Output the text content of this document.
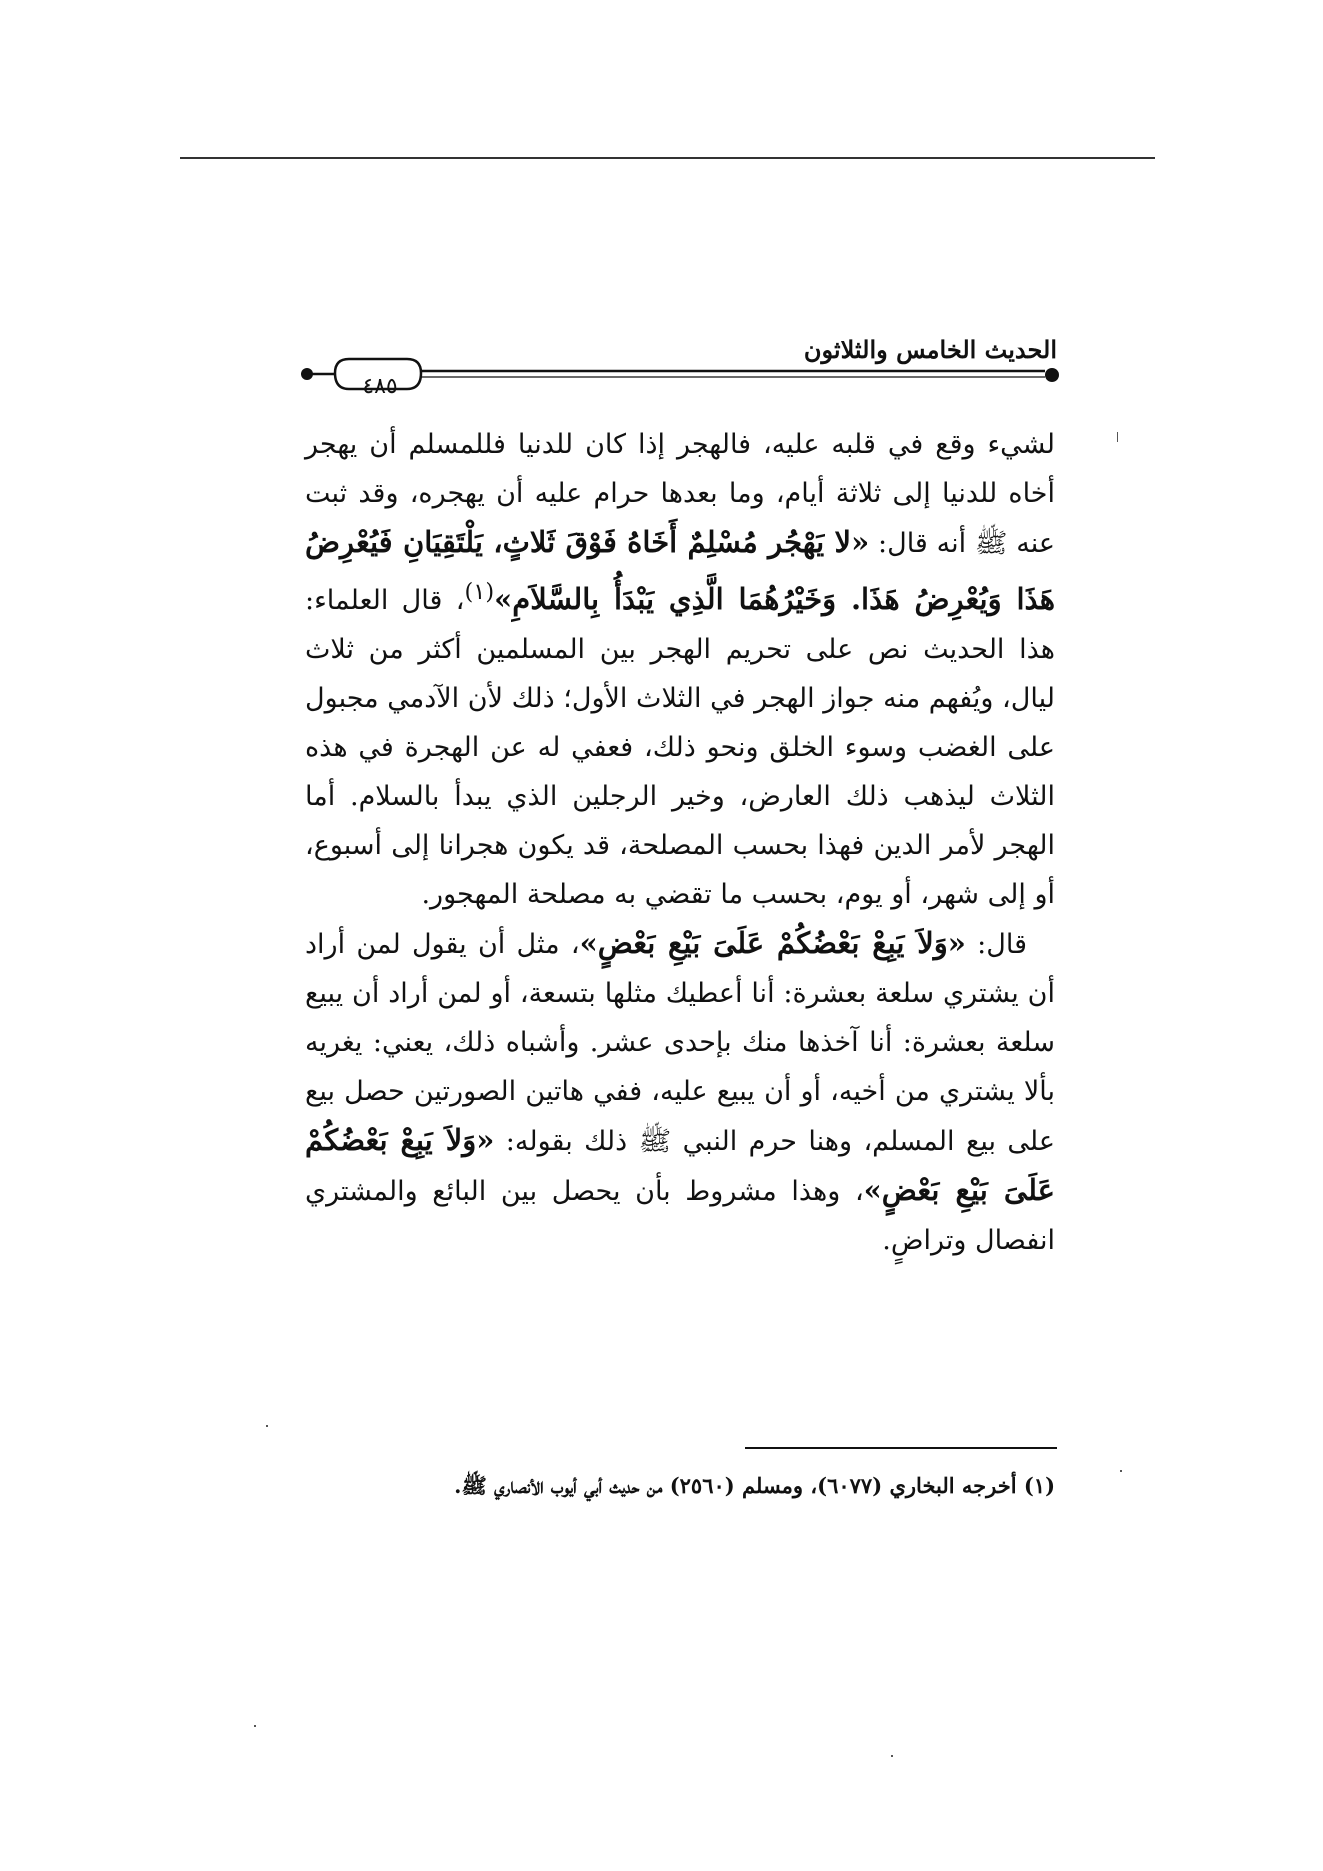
الحديث الخامس والثلاثون
٤٨٥

لشيء وقع في قلبه عليه، فالهجر إذا كان للدنيا فللمسلم أن يهجر أخاه للدنيا إلى ثلاثة أيام، وما بعدها حرام عليه أن يهجره، وقد ثبت عنه ﷺ أنه قال: «لا يَهْجُر مُسْلِمٌ أَخَاهُ فَوْقَ ثَلاثٍ، يَلْتَقِيَانِ فَيُعْرِضُ هَذَا وَيُعْرِضُ هَذَا. وَخَيْرُهُمَا الَّذِي يَبْدَأُ بِالسَّلاَمِ»$^{(١)}$، قال العلماء: هذا الحديث نص على تحريم الهجر بين المسلمين أكثر من ثلاث ليال، ويُفهم منه جواز الهجر في الثلاث الأول؛ ذلك لأن الآدمي مجبول على الغضب وسوء الخلق ونحو ذلك، فعفي له عن الهجرة في هذه الثلاث ليذهب ذلك العارض، وخير الرجلين الذي يبدأ بالسلام. أما الهجر لأمر الدين فهذا بحسب المصلحة، قد يكون هجرانا إلى أسبوع، أو إلى شهر، أو يوم، بحسب ما تقضي به مصلحة المهجور.

قال: «وَلاَ يَبِعْ بَعْضُكُمْ عَلَىَ بَيْعِ بَعْضٍ»، مثل أن يقول لمن أراد أن يشتري سلعة بعشرة: أنا أعطيك مثلها بتسعة، أو لمن أراد أن يبيع سلعة بعشرة: أنا آخذها منك بإحدى عشر. وأشباه ذلك، يعني: يغريه بألا يشتري من أخيه، أو أن يبيع عليه، ففي هاتين الصورتين حصل بيع على بيع المسلم، وهنا حرم النبي ﷺ ذلك بقوله: «وَلاَ يَبِعْ بَعْضُكُمْ عَلَىَ بَيْعِ بَعْضٍ»، وهذا مشروط بأن يحصل بين البائع والمشتري انفصال وتراضٍ.

(١) أخرجه البخاري (٦٠٧٧)، ومسلم (٢٥٦٠) من حديث أبي أيوب الأنصاري ﷺ.
